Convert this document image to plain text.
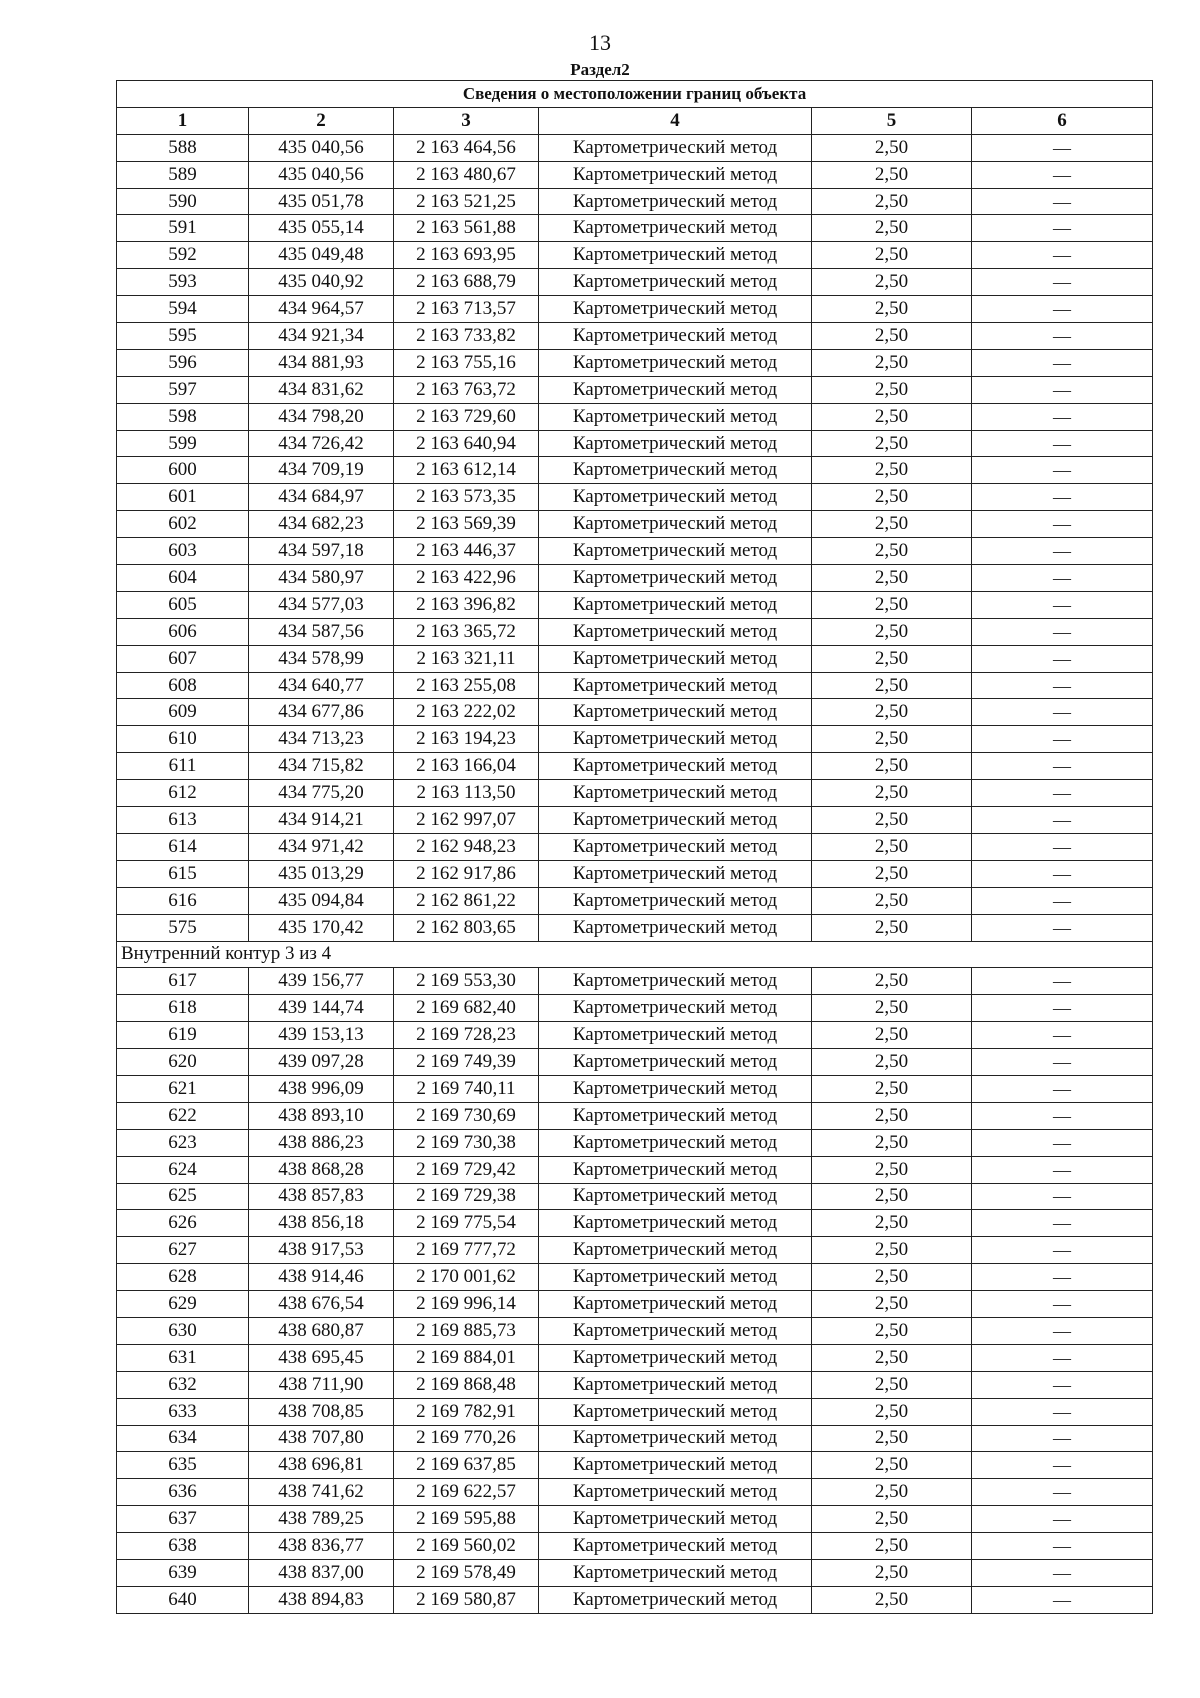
13
Раздел2
Сведения о местоположении границ объекта					
1	2	3	4	5	6
588	435 040,56	2 163 464,56	Картометрический метод	2,50	—
589	435 040,56	2 163 480,67	Картометрический метод	2,50	—
590	435 051,78	2 163 521,25	Картометрический метод	2,50	—
591	435 055,14	2 163 561,88	Картометрический метод	2,50	—
592	435 049,48	2 163 693,95	Картометрический метод	2,50	—
593	435 040,92	2 163 688,79	Картометрический метод	2,50	—
594	434 964,57	2 163 713,57	Картометрический метод	2,50	—
595	434 921,34	2 163 733,82	Картометрический метод	2,50	—
596	434 881,93	2 163 755,16	Картометрический метод	2,50	—
597	434 831,62	2 163 763,72	Картометрический метод	2,50	—
598	434 798,20	2 163 729,60	Картометрический метод	2,50	—
599	434 726,42	2 163 640,94	Картометрический метод	2,50	—
600	434 709,19	2 163 612,14	Картометрический метод	2,50	—
601	434 684,97	2 163 573,35	Картометрический метод	2,50	—
602	434 682,23	2 163 569,39	Картометрический метод	2,50	—
603	434 597,18	2 163 446,37	Картометрический метод	2,50	—
604	434 580,97	2 163 422,96	Картометрический метод	2,50	—
605	434 577,03	2 163 396,82	Картометрический метод	2,50	—
606	434 587,56	2 163 365,72	Картометрический метод	2,50	—
607	434 578,99	2 163 321,11	Картометрический метод	2,50	—
608	434 640,77	2 163 255,08	Картометрический метод	2,50	—
609	434 677,86	2 163 222,02	Картометрический метод	2,50	—
610	434 713,23	2 163 194,23	Картометрический метод	2,50	—
611	434 715,82	2 163 166,04	Картометрический метод	2,50	—
612	434 775,20	2 163 113,50	Картометрический метод	2,50	—
613	434 914,21	2 162 997,07	Картометрический метод	2,50	—
614	434 971,42	2 162 948,23	Картометрический метод	2,50	—
615	435 013,29	2 162 917,86	Картометрический метод	2,50	—
616	435 094,84	2 162 861,22	Картометрический метод	2,50	—
575	435 170,42	2 162 803,65	Картометрический метод	2,50	—
Внутренний контур 3 из 4					
617	439 156,77	2 169 553,30	Картометрический метод	2,50	—
618	439 144,74	2 169 682,40	Картометрический метод	2,50	—
619	439 153,13	2 169 728,23	Картометрический метод	2,50	—
620	439 097,28	2 169 749,39	Картометрический метод	2,50	—
621	438 996,09	2 169 740,11	Картометрический метод	2,50	—
622	438 893,10	2 169 730,69	Картометрический метод	2,50	—
623	438 886,23	2 169 730,38	Картометрический метод	2,50	—
624	438 868,28	2 169 729,42	Картометрический метод	2,50	—
625	438 857,83	2 169 729,38	Картометрический метод	2,50	—
626	438 856,18	2 169 775,54	Картометрический метод	2,50	—
627	438 917,53	2 169 777,72	Картометрический метод	2,50	—
628	438 914,46	2 170 001,62	Картометрический метод	2,50	—
629	438 676,54	2 169 996,14	Картометрический метод	2,50	—
630	438 680,87	2 169 885,73	Картометрический метод	2,50	—
631	438 695,45	2 169 884,01	Картометрический метод	2,50	—
632	438 711,90	2 169 868,48	Картометрический метод	2,50	—
633	438 708,85	2 169 782,91	Картометрический метод	2,50	—
634	438 707,80	2 169 770,26	Картометрический метод	2,50	—
635	438 696,81	2 169 637,85	Картометрический метод	2,50	—
636	438 741,62	2 169 622,57	Картометрический метод	2,50	—
637	438 789,25	2 169 595,88	Картометрический метод	2,50	—
638	438 836,77	2 169 560,02	Картометрический метод	2,50	—
639	438 837,00	2 169 578,49	Картометрический метод	2,50	—
640	438 894,83	2 169 580,87	Картометрический метод	2,50	—
